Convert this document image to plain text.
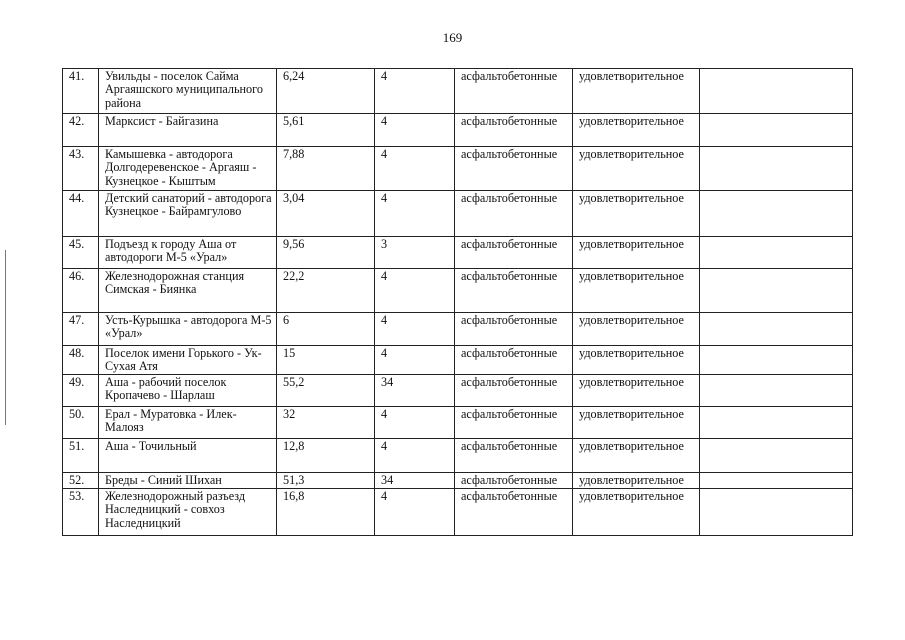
169
41.	Увильды - поселок Сайма Аргаяшского муниципального района	6,24	4	асфальтобетонные	удовлетворительное	
42.	Марксист - Байгазина	5,61	4	асфальтобетонные	удовлетворительное	
43.	Камышевка - автодорога Долгодеревенское - Аргаяш - Кузнецкое - Кыштым	7,88	4	асфальтобетонные	удовлетворительное	
44.	Детский санаторий - автодорога Кузнецкое - Байрамгулово	3,04	4	асфальтобетонные	удовлетворительное	
45.	Подъезд к городу Аша от автодороги М-5 «Урал»	9,56	3	асфальтобетонные	удовлетворительное	
46.	Железнодорожная станция Симская - Биянка	22,2	4	асфальтобетонные	удовлетворительное	
47.	Усть-Курышка - автодорога М-5 «Урал»	6	4	асфальтобетонные	удовлетворительное	
48.	Поселок имени Горького - Ук- Сухая Атя	15	4	асфальтобетонные	удовлетворительное	
49.	Аша - рабочий поселок Кропачево - Шарлаш	55,2	34	асфальтобетонные	удовлетворительное	
50.	Ерал - Муратовка - Илек-Малояз	32	4	асфальтобетонные	удовлетворительное	
51.	Аша - Точильный	12,8	4	асфальтобетонные	удовлетворительное	
52.	Бреды - Синий Шихан	51,3	34	асфальтобетонные	удовлетворительное	
53.	Железнодорожный разъезд Наследницкий - совхоз Наследницкий	16,8	4	асфальтобетонные	удовлетворительное	
